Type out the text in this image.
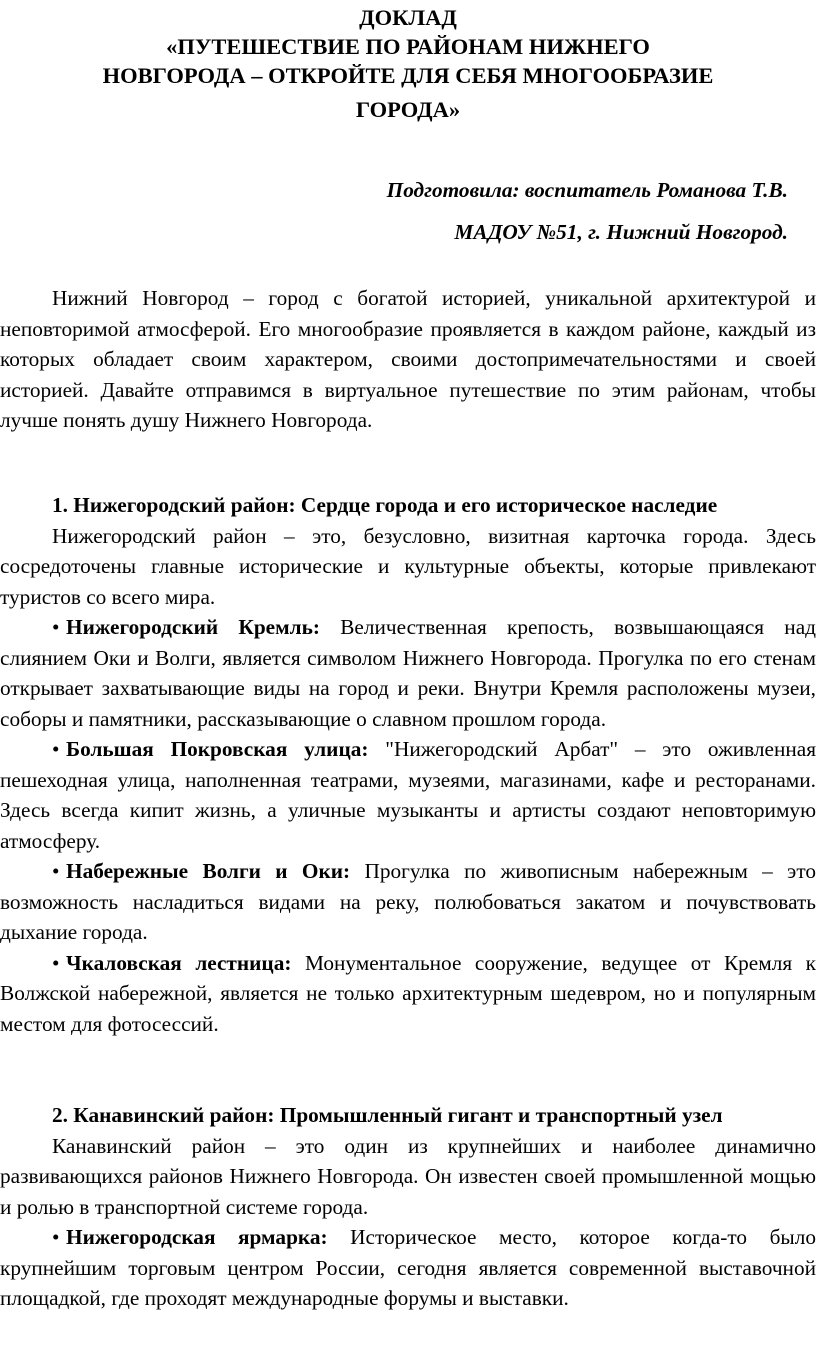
ДОКЛАД
«ПУТЕШЕСТВИЕ ПО РАЙОНАМ НИЖНЕГО
НОВГОРОДА – ОТКРОЙТЕ ДЛЯ СЕБЯ МНОГООБРАЗИЕ
ГОРОДА»
Подготовила: воспитатель Романова Т.В.
МАДОУ №51, г. Нижний Новгород.

Нижний Новгород – город с богатой историей, уникальной архитектурой и неповторимой атмосферой. Его многообразие проявляется в каждом районе, каждый из которых обладает своим характером, своими достопримечательностями и своей историей. Давайте отправимся в виртуальное путешествие по этим районам, чтобы лучше понять душу Нижнего Новгорода.

1. Нижегородский район: Сердце города и его историческое наследие

Нижегородский район – это, безусловно, визитная карточка города. Здесь сосредоточены главные исторические и культурные объекты, которые привлекают туристов со всего мира.

• Нижегородский Кремль: Величественная крепость, возвышающаяся над слиянием Оки и Волги, является символом Нижнего Новгорода. Прогулка по его стенам открывает захватывающие виды на город и реки. Внутри Кремля расположены музеи, соборы и памятники, рассказывающие о славном прошлом города.

• Большая Покровская улица: "Нижегородский Арбат" – это оживленная пешеходная улица, наполненная театрами, музеями, магазинами, кафе и ресторанами. Здесь всегда кипит жизнь, а уличные музыканты и артисты создают неповторимую атмосферу.

• Набережные Волги и Оки: Прогулка по живописным набережным – это возможность насладиться видами на реку, полюбоваться закатом и почувствовать дыхание города.

• Чкаловская лестница: Монументальное сооружение, ведущее от Кремля к Волжской набережной, является не только архитектурным шедевром, но и популярным местом для фотосессий.

2. Канавинский район: Промышленный гигант и транспортный узел

Канавинский район – это один из крупнейших и наиболее динамично развивающихся районов Нижнего Новгорода. Он известен своей промышленной мощью и ролью в транспортной системе города.

• Нижегородская ярмарка: Историческое место, которое когда-то было крупнейшим торговым центром России, сегодня является современной выставочной площадкой, где проходят международные форумы и выставки.
